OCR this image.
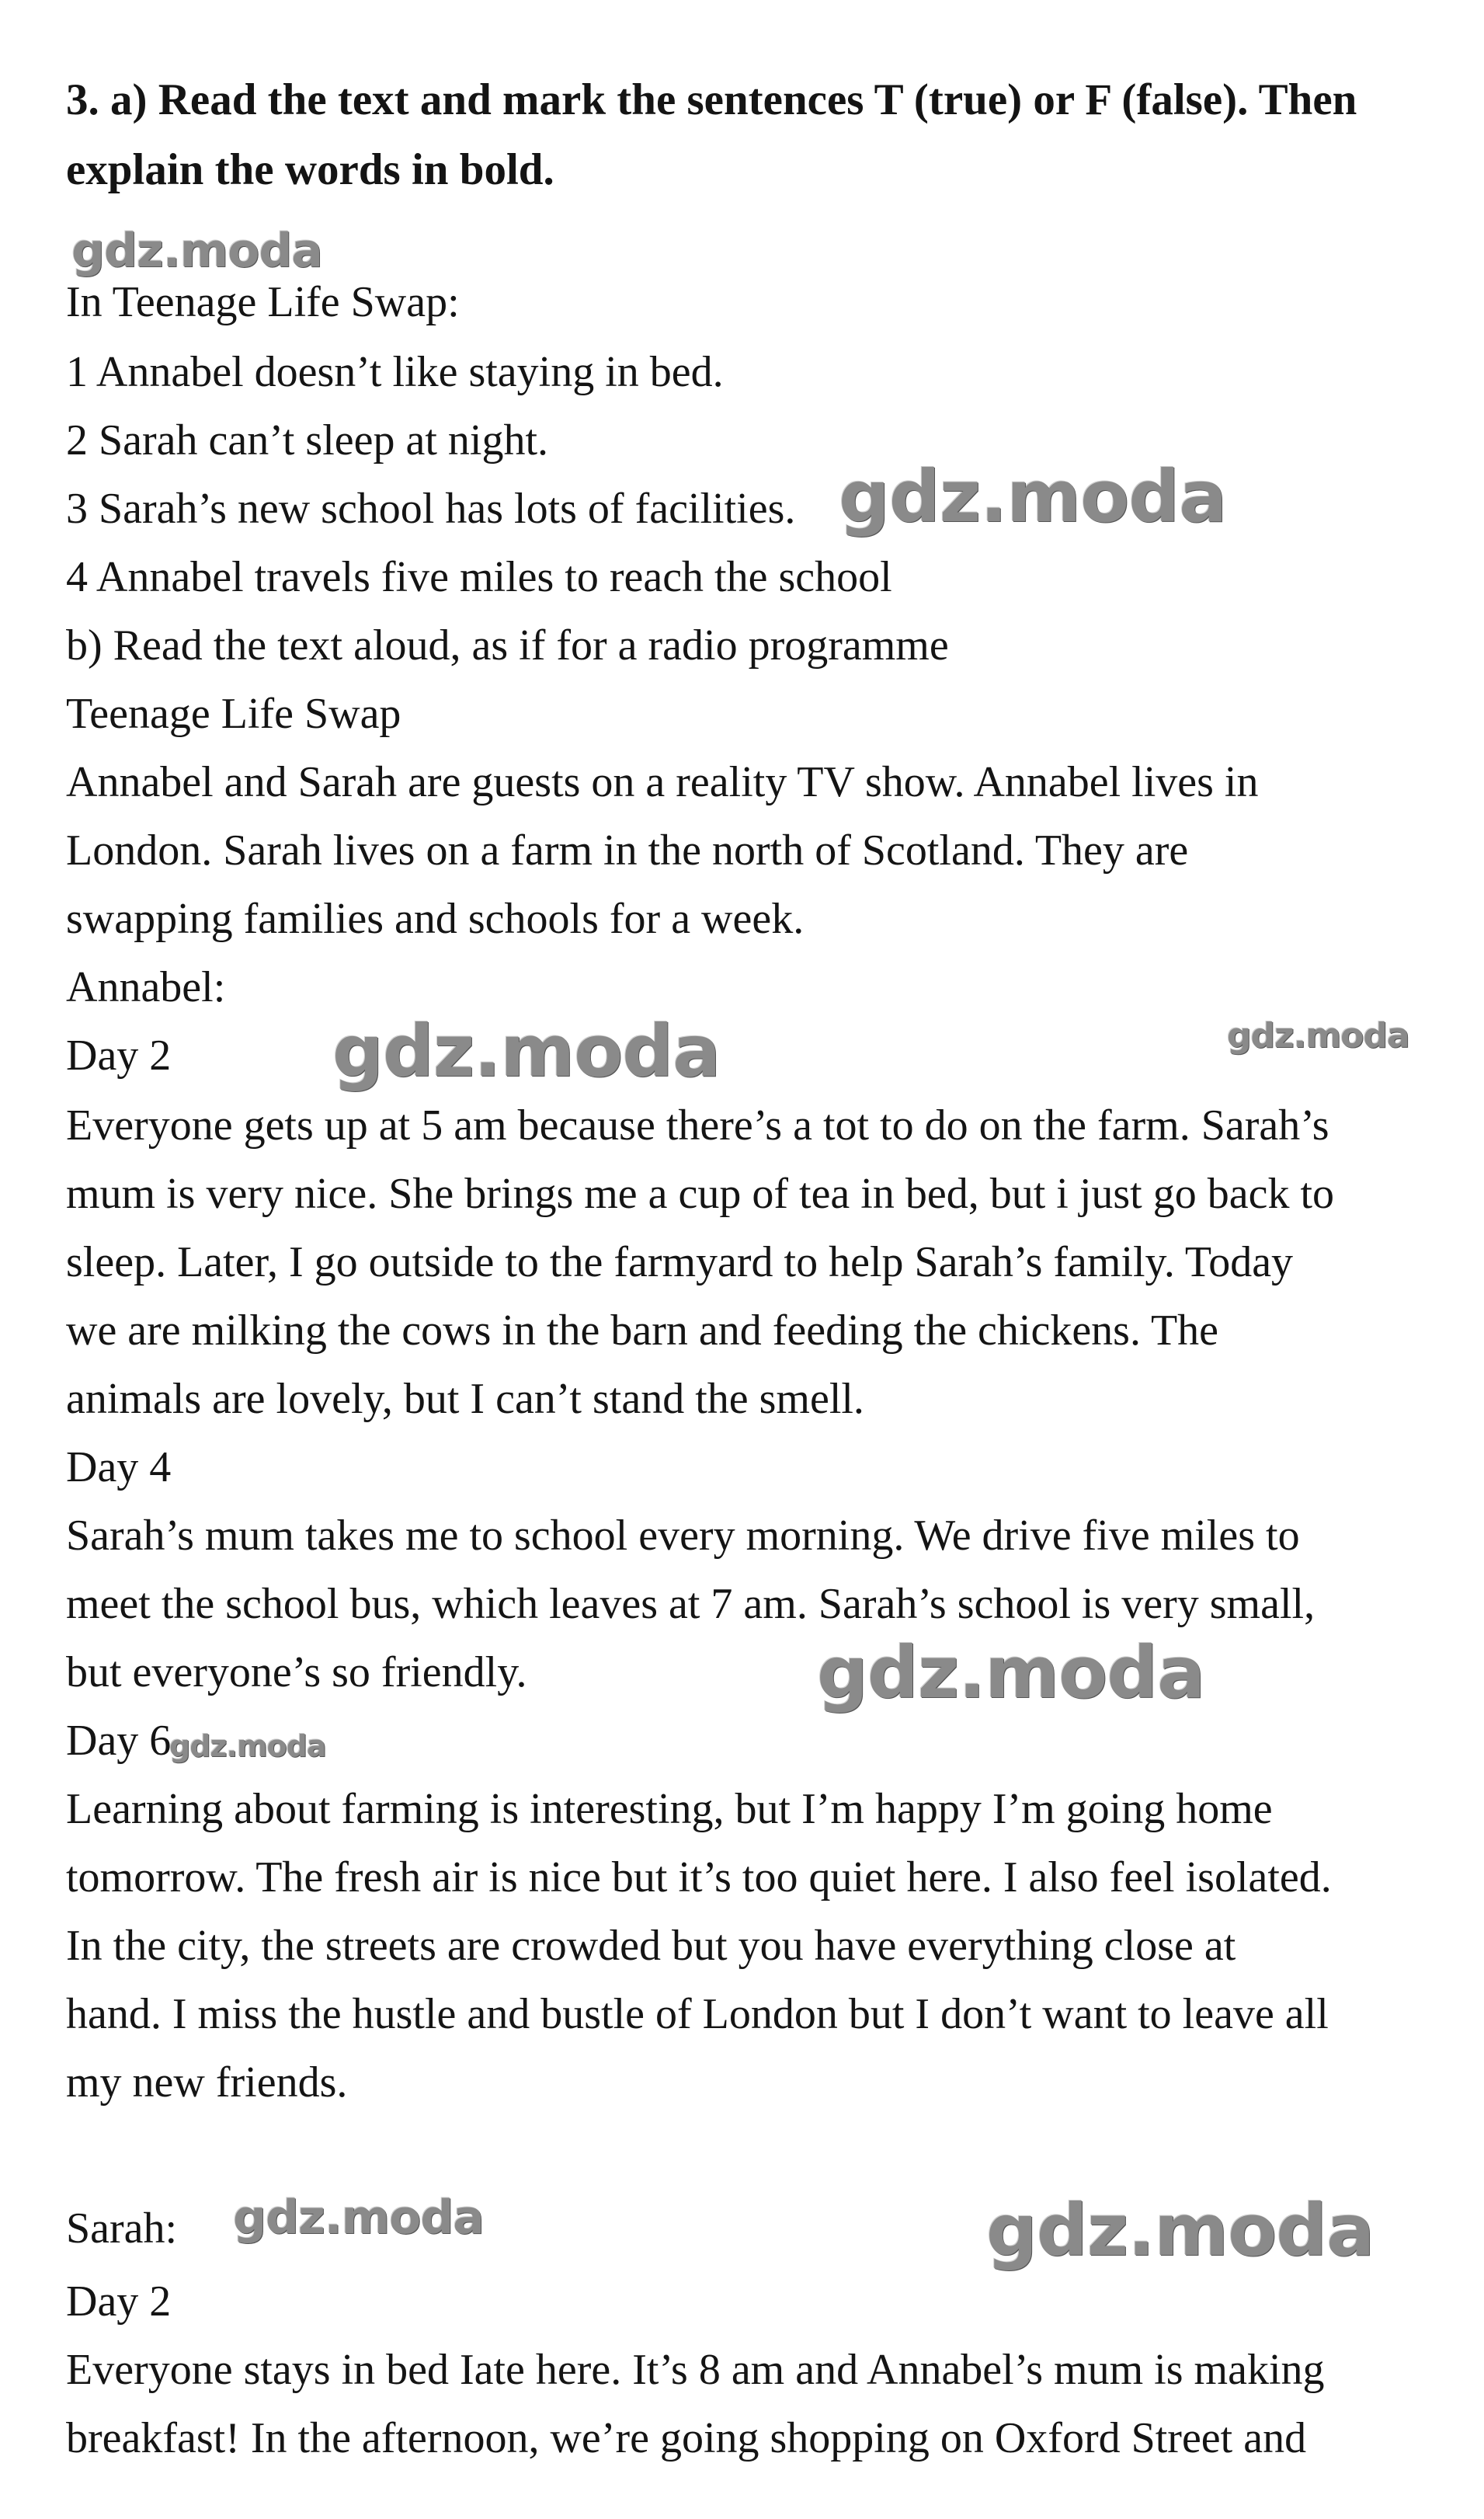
3. a) Read the text and mark the sentences T (true) or F (false). Then

explain the words in bold.

In Teenage Life Swap:

1 Annabel doesn’t like staying in bed.

2 Sarah can’t sleep at night.

3 Sarah’s new school has lots of facilities.

4 Annabel travels five miles to reach the school

b) Read the text aloud, as if for a radio programme

Teenage Life Swap

Annabel and Sarah are guests on a reality TV show. Annabel lives in

London. Sarah lives on a farm in the north of Scotland. They are

swapping families and schools for a week.

Annabel:

Day 2

Everyone gets up at 5 am because there’s a tot to do on the farm. Sarah’s

mum is very nice. She brings me a cup of tea in bed, but i just go back to

sleep. Later, I go outside to the farmyard to help Sarah’s family. Today

we are milking the cows in the barn and feeding the chickens. The

animals are lovely, but I can’t stand the smell.

Day 4

Sarah’s mum takes me to school every morning. We drive five miles to

meet the school bus, which leaves at 7 am. Sarah’s school is very small,

but everyone’s so friendly.

Day 6

Learning about farming is interesting, but I’m happy I’m going home

tomorrow. The fresh air is nice but it’s too quiet here. I also feel isolated.

In the city, the streets are crowded but you have everything close at

hand. I miss the hustle and bustle of London but I don’t want to leave all

my new friends.

Sarah:

Day 2

Everyone stays in bed Iate here. It’s 8 am and Annabel’s mum is making

breakfast! In the afternoon, we’re going shopping on Oxford Street and

gdz.moda
gdz.moda
gdz.moda	gdz.moda
gdz.moda
gdz.moda
gdz.moda	gdz.moda
